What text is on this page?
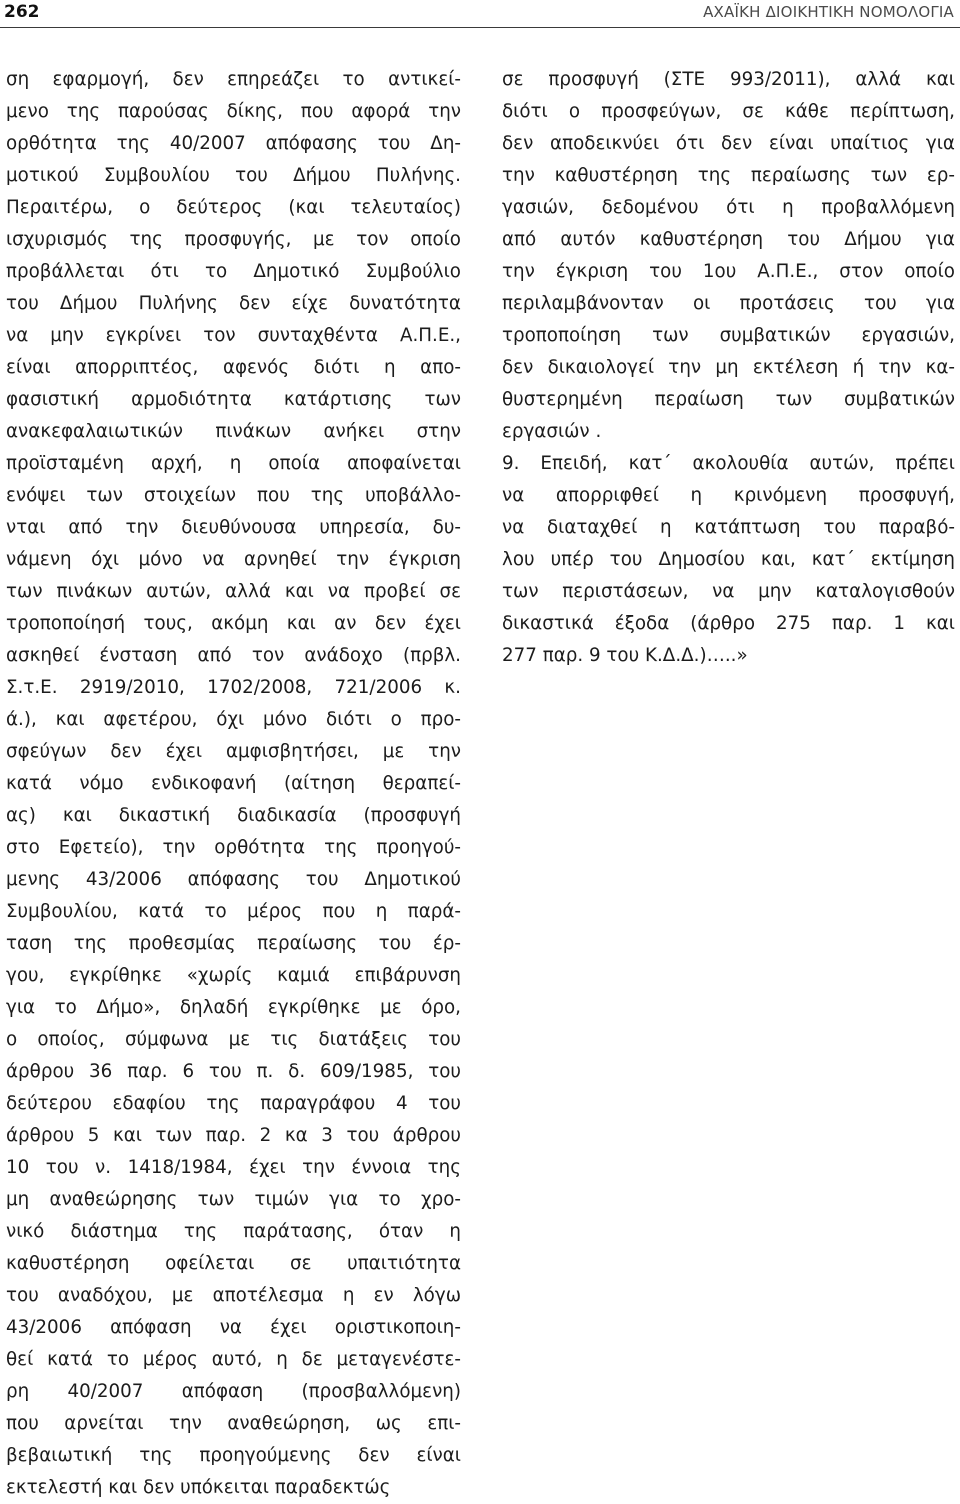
262	ΑΧΑΪΚΗ ΔΙΟΙΚΗΤΙΚΗ ΝΟΜΟΛΟΓΙΑ
ση εφαρμογή, δεν επηρεάζει το αντικεί-
μενο της παρούσας δίκης, που αφορά την
ορθότητα της 40/2007 απόφασης του Δη-
μοτικού Συμβουλίου του Δήμου Πυλήνης.
Περαιτέρω, ο δεύτερος (και τελευταίος)
ισχυρισμός της προσφυγής, με τον οποίο
προβάλλεται ότι το Δημοτικό Συμβούλιο
του Δήμου Πυλήνης δεν είχε δυνατότητα
να μην εγκρίνει τον συνταχθέντα Α.Π.Ε.,
είναι απορριπτέος, αφενός διότι η απο-
φασιστική αρμοδιότητα κατάρτισης των
ανακεφαλαιωτικών πινάκων ανήκει στην
προϊσταμένη αρχή, η οποία αποφαίνεται
ενόψει των στοιχείων που της υποβάλλο-
νται από την διευθύνουσα υπηρεσία, δυ-
νάμενη όχι μόνο να αρνηθεί την έγκριση
των πινάκων αυτών, αλλά και να προβεί σε
τροποποίησή τους, ακόμη και αν δεν έχει
ασκηθεί ένσταση από τον ανάδοχο (πρβλ.
Σ.τ.Ε. 2919/2010, 1702/2008, 721/2006 κ.
ά.), και αφετέρου, όχι μόνο διότι ο προ-
σφεύγων δεν έχει αμφισβητήσει, με την
κατά νόμο ενδικοφανή (αίτηση θεραπεί-
ας) και δικαστική διαδικασία (προσφυγή
στο Εφετείο), την ορθότητα της προηγού-
μενης 43/2006 απόφασης του Δημοτικού
Συμβουλίου, κατά το μέρος που η παρά-
ταση της προθεσμίας περαίωσης του έρ-
γου, εγκρίθηκε «χωρίς καμιά επιβάρυνση
για το Δήμο», δηλαδή εγκρίθηκε με όρο,
ο οποίος, σύμφωνα με τις διατάξεις του
άρθρου 36 παρ. 6 του π. δ. 609/1985, του
δεύτερου εδαφίου της παραγράφου 4 του
άρθρου 5 και των παρ. 2 κα 3 του άρθρου
10 του ν. 1418/1984, έχει την έννοια της
μη αναθεώρησης των τιμών για το χρο-
νικό διάστημα της παράτασης, όταν η
καθυστέρηση οφείλεται σε υπαιτιότητα
του αναδόχου, με αποτέλεσμα η εν λόγω
43/2006 απόφαση να έχει οριστικοποιη-
θεί κατά το μέρος αυτό, η δε μεταγενέστε-
ρη 40/2007 απόφαση (προσβαλλόμενη)
που αρνείται την αναθεώρηση, ως επι-
βεβαιωτική της προηγούμενης δεν είναι
εκτελεστή και δεν υπόκειται παραδεκτώς
σε προσφυγή (ΣΤΕ 993/2011), αλλά και
διότι ο προσφεύγων, σε κάθε περίπτωση,
δεν αποδεικνύει ότι δεν είναι υπαίτιος για
την καθυστέρηση της περαίωσης των ερ-
γασιών, δεδομένου ότι η προβαλλόμενη
από αυτόν καθυστέρηση του Δήμου για
την έγκριση του 1ου Α.Π.Ε., στον οποίο
περιλαμβάνονταν οι προτάσεις του για
τροποποίηση των συμβατικών εργασιών,
δεν δικαιολογεί την μη εκτέλεση ή την κα-
θυστερημένη περαίωση των συμβατικών
εργασιών .
9. Επειδή, κατ΄ ακολουθία αυτών, πρέπει
να απορριφθεί η κρινόμενη προσφυγή,
να διαταχθεί η κατάπτωση του παραβό-
λου υπέρ του Δημοσίου και, κατ΄ εκτίμηση
των περιστάσεων, να μην καταλογισθούν
δικαστικά έξοδα (άρθρο 275 παρ. 1 και
277 παρ. 9 του Κ.Δ.Δ.)…..»
